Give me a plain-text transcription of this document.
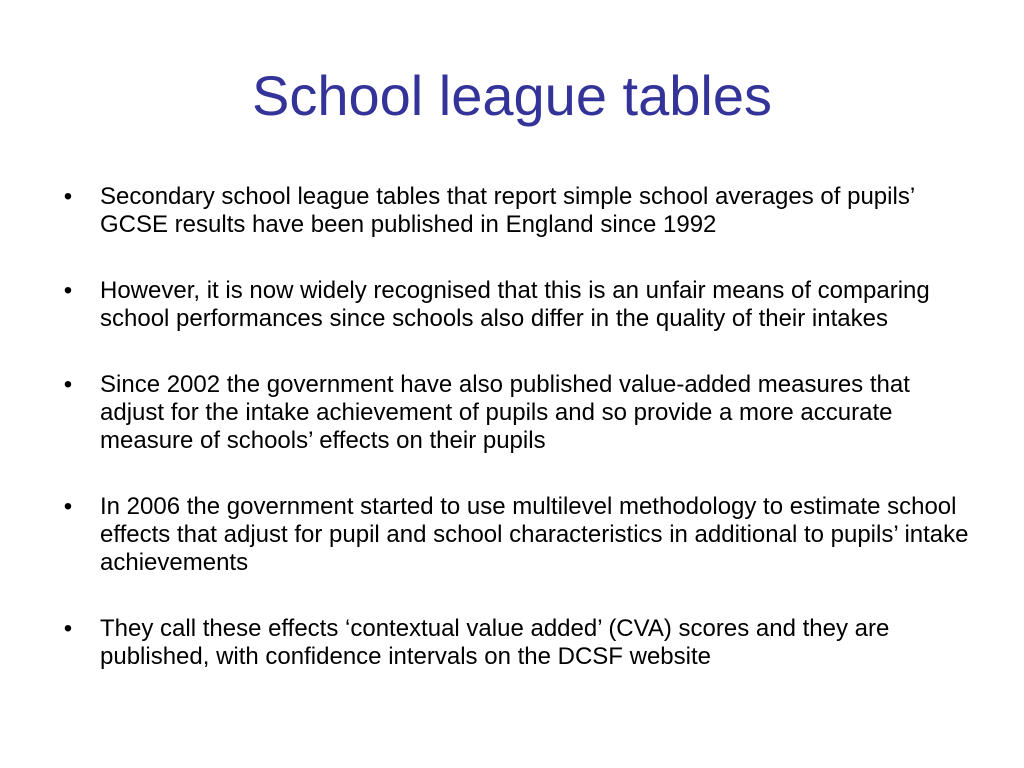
School league tables
• Secondary school league tables that report simple school averages of pupils’ GCSE results have been published in England since 1992
• However, it is now widely recognised that this is an unfair means of comparing school performances since schools also differ in the quality of their intakes
• Since 2002 the government have also published value-added measures that adjust for the intake achievement of pupils and so provide a more accurate measure of schools’ effects on their pupils
• In 2006 the government started to use multilevel methodology to estimate school effects that adjust for pupil and school characteristics in additional to pupils’ intake achievements
• They call these effects ‘contextual value added’ (CVA) scores and they are published, with confidence intervals on the DCSF website
